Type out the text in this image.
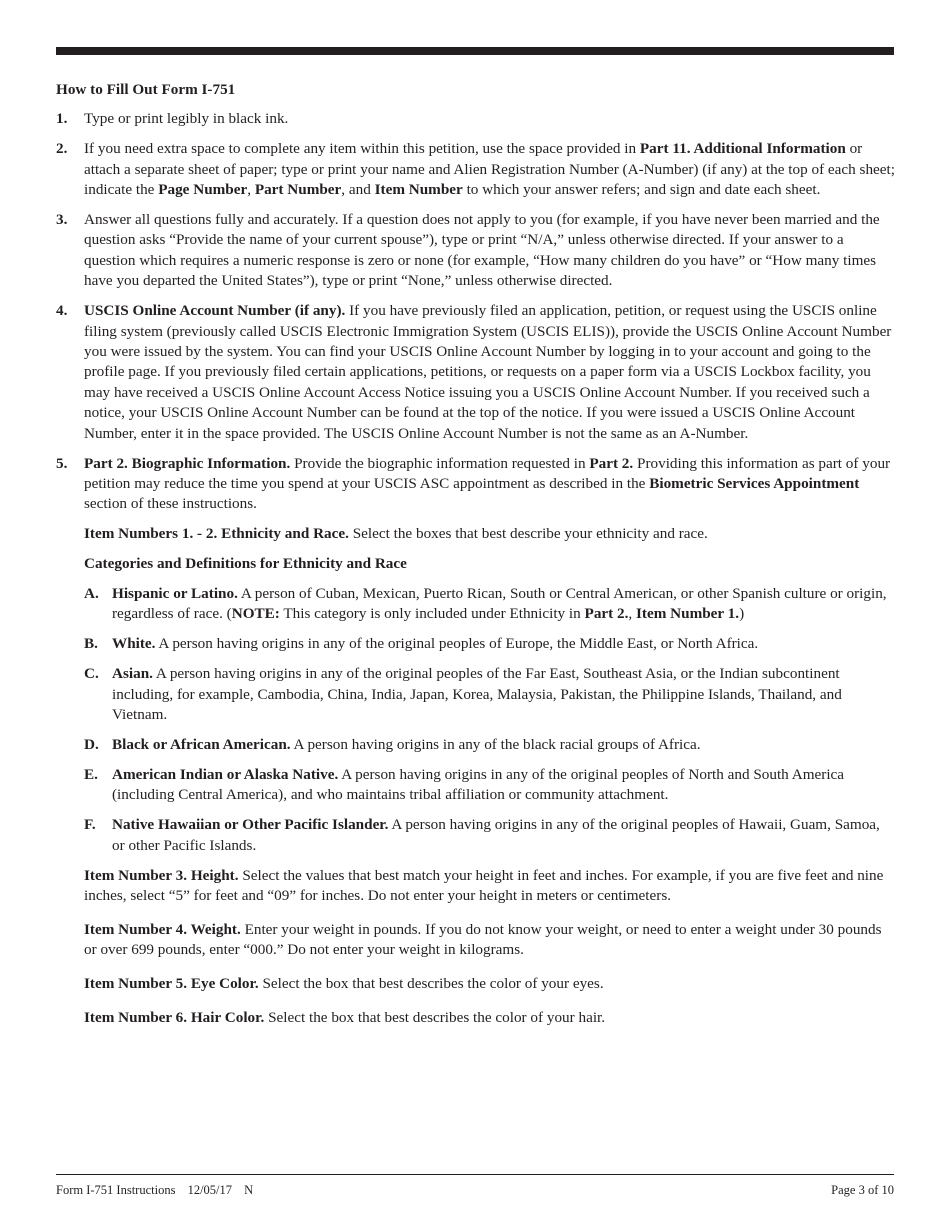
How to Fill Out Form I-751
1. Type or print legibly in black ink.
2. If you need extra space to complete any item within this petition, use the space provided in Part 11. Additional Information or attach a separate sheet of paper; type or print your name and Alien Registration Number (A-Number) (if any) at the top of each sheet; indicate the Page Number, Part Number, and Item Number to which your answer refers; and sign and date each sheet.
3. Answer all questions fully and accurately. If a question does not apply to you (for example, if you have never been married and the question asks “Provide the name of your current spouse”), type or print “N/A,” unless otherwise directed. If your answer to a question which requires a numeric response is zero or none (for example, “How many children do you have” or “How many times have you departed the United States”), type or print “None,” unless otherwise directed.
4. USCIS Online Account Number (if any). If you have previously filed an application, petition, or request using the USCIS online filing system (previously called USCIS Electronic Immigration System (USCIS ELIS)), provide the USCIS Online Account Number you were issued by the system. You can find your USCIS Online Account Number by logging in to your account and going to the profile page. If you previously filed certain applications, petitions, or requests on a paper form via a USCIS Lockbox facility, you may have received a USCIS Online Account Access Notice issuing you a USCIS Online Account Number. If you received such a notice, your USCIS Online Account Number can be found at the top of the notice. If you were issued a USCIS Online Account Number, enter it in the space provided. The USCIS Online Account Number is not the same as an A-Number.
5. Part 2. Biographic Information. Provide the biographic information requested in Part 2. Providing this information as part of your petition may reduce the time you spend at your USCIS ASC appointment as described in the Biometric Services Appointment section of these instructions.
Item Numbers 1. - 2. Ethnicity and Race. Select the boxes that best describe your ethnicity and race.
Categories and Definitions for Ethnicity and Race
A. Hispanic or Latino. A person of Cuban, Mexican, Puerto Rican, South or Central American, or other Spanish culture or origin, regardless of race. (NOTE: This category is only included under Ethnicity in Part 2., Item Number 1.)
B. White. A person having origins in any of the original peoples of Europe, the Middle East, or North Africa.
C. Asian. A person having origins in any of the original peoples of the Far East, Southeast Asia, or the Indian subcontinent including, for example, Cambodia, China, India, Japan, Korea, Malaysia, Pakistan, the Philippine Islands, Thailand, and Vietnam.
D. Black or African American. A person having origins in any of the black racial groups of Africa.
E. American Indian or Alaska Native. A person having origins in any of the original peoples of North and South America (including Central America), and who maintains tribal affiliation or community attachment.
F. Native Hawaiian or Other Pacific Islander. A person having origins in any of the original peoples of Hawaii, Guam, Samoa, or other Pacific Islands.
Item Number 3. Height. Select the values that best match your height in feet and inches. For example, if you are five feet and nine inches, select “5” for feet and “09” for inches. Do not enter your height in meters or centimeters.
Item Number 4. Weight. Enter your weight in pounds. If you do not know your weight, or need to enter a weight under 30 pounds or over 699 pounds, enter “000.” Do not enter your weight in kilograms.
Item Number 5. Eye Color. Select the box that best describes the color of your eyes.
Item Number 6. Hair Color. Select the box that best describes the color of your hair.
Form I-751 Instructions 12/05/17 N	Page 3 of 10
